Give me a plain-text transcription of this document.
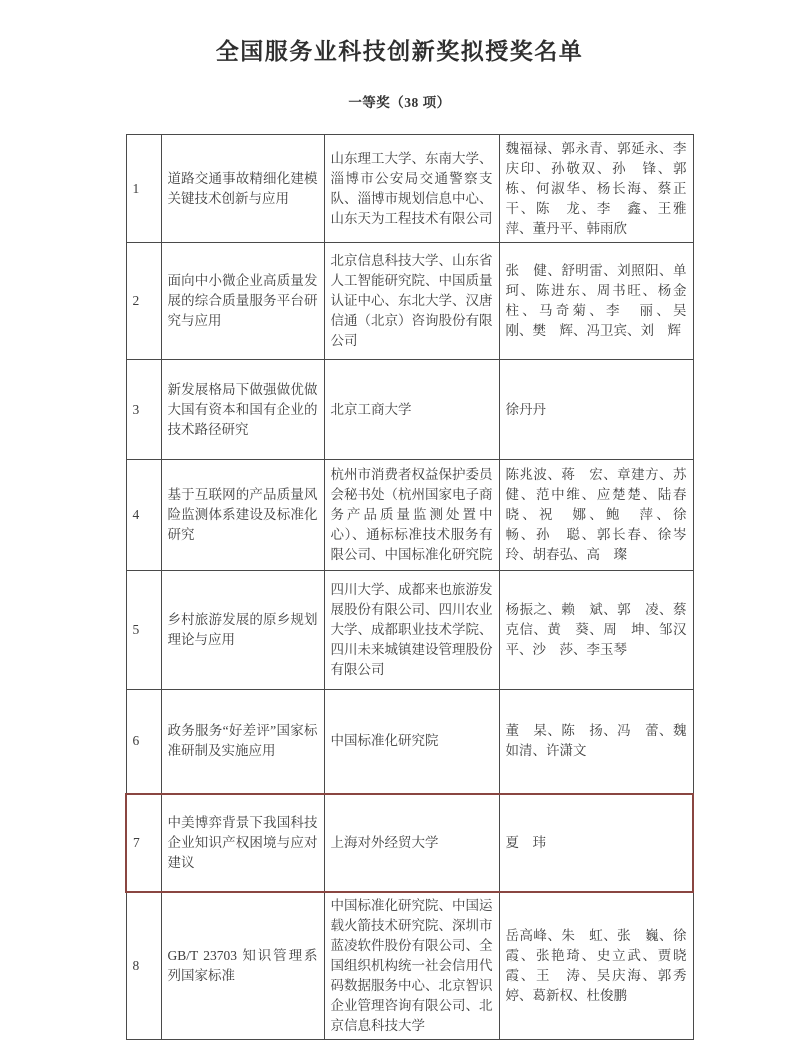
全国服务业科技创新奖拟授奖名单
一等奖（38 项）
1	道路交通事故精细化建模关键技术创新与应用	山东理工大学、东南大学、淄博市公安局交通警察支队、淄博市规划信息中心、山东天为工程技术有限公司	魏福禄、郭永青、郭延永、李庆印、孙敬双、孙　锋、郭　栋、何淑华、杨长海、蔡正干、陈　龙、李　鑫、王雅萍、董丹平、韩雨欣
2	面向中小微企业高质量发展的综合质量服务平台研究与应用	北京信息科技大学、山东省人工智能研究院、中国质量认证中心、东北大学、汉唐信通（北京）咨询股份有限公司	张　健、舒明雷、刘照阳、单　珂、陈进东、周书旺、杨金柱、马奇菊、李　丽、吴　刚、樊　辉、冯卫宾、刘　辉
3	新发展格局下做强做优做大国有资本和国有企业的技术路径研究	北京工商大学	徐丹丹
4	基于互联网的产品质量风险监测体系建设及标准化研究	杭州市消费者权益保护委员会秘书处（杭州国家电子商务产品质量监测处置中心）、通标标准技术服务有限公司、中国标准化研究院	陈兆波、蒋　宏、章建方、苏　健、范中维、应楚楚、陆春晓、祝　娜、鲍　萍、徐　畅、孙　聪、郭长春、徐岑玲、胡春弘、高　璨
5	乡村旅游发展的原乡规划理论与应用	四川大学、成都来也旅游发展股份有限公司、四川农业大学、成都职业技术学院、四川未来城镇建设管理股份有限公司	杨振之、赖　斌、郭　凌、蔡克信、黄　葵、周　坤、邹汉平、沙　莎、李玉琴
6	政务服务“好差评”国家标准研制及实施应用	中国标准化研究院	董　杲、陈　扬、冯　蕾、魏如清、许潇文
7	中美博弈背景下我国科技企业知识产权困境与应对建议	上海对外经贸大学	夏　玮
8	GB/T 23703 知识管理系列国家标准	中国标准化研究院、中国运载火箭技术研究院、深圳市蓝凌软件股份有限公司、全国组织机构统一社会信用代码数据服务中心、北京智识企业管理咨询有限公司、北京信息科技大学	岳高峰、朱　虹、张　巍、徐　霞、张艳琦、史立武、贾晓霞、王　涛、吴庆海、郭秀婷、葛新权、杜俊鹏
